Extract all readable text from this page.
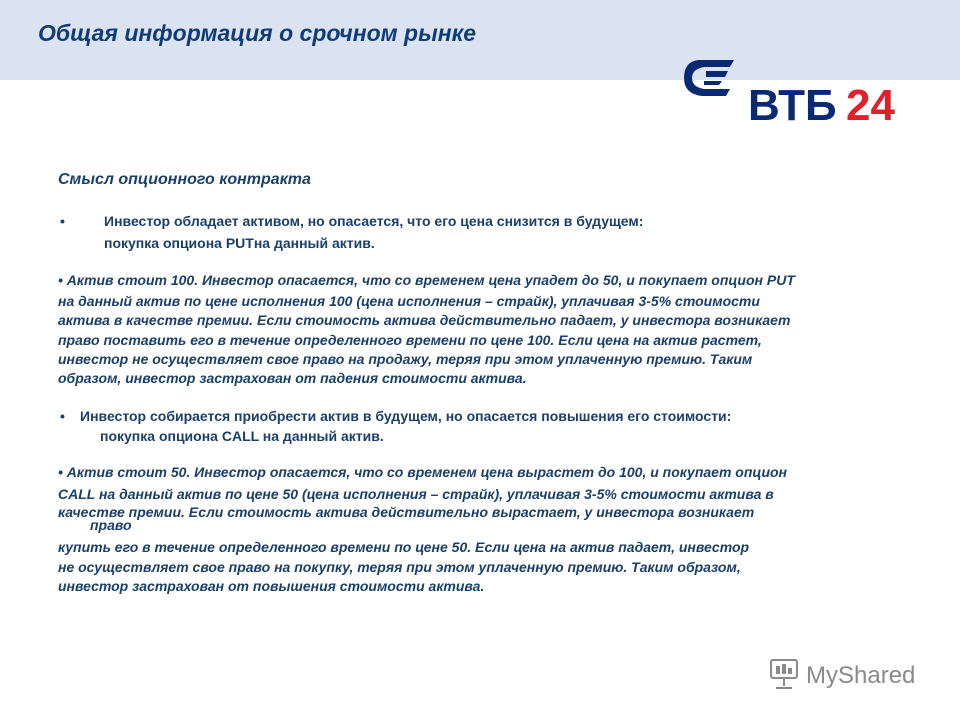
Общая информация о срочном рынке
ВТБ 24
Смысл опционного контракта
•	Инвестор обладает активом, но опасается, что его цена снизится в будущем:
покупка опциона PUTна данный актив.
• Актив стоит 100. Инвестор опасается, что со временем цена упадет до 50, и покупает опцион PUT
на данный актив по цене исполнения 100 (цена исполнения – страйк), уплачивая 3-5% стоимости
актива в качестве премии. Если стоимость актива действительно падает, у инвестора возникает
право поставить его в течение определенного времени по цене 100. Если цена на актив растет,
инвестор не осуществляет свое право на продажу, теряя при этом уплаченную премию. Таким
образом, инвестор застрахован от падения стоимости актива.
• Инвестор собирается приобрести актив в будущем, но опасается повышения его стоимости:
покупка опциона CALL на данный актив.
• Актив стоит 50. Инвестор опасается, что со временем цена вырастет до 100, и покупает опцион
CALL на данный актив по цене 50 (цена исполнения – страйк), уплачивая 3-5% стоимости актива в
качестве премии. Если стоимость актива действительно вырастает, у инвестора возникает
право
купить его в течение определенного времени по цене 50. Если цена на актив падает, инвестор
не осуществляет свое право на покупку, теряя при этом уплаченную премию. Таким образом,
инвестор застрахован от повышения стоимости актива.
MyShared
